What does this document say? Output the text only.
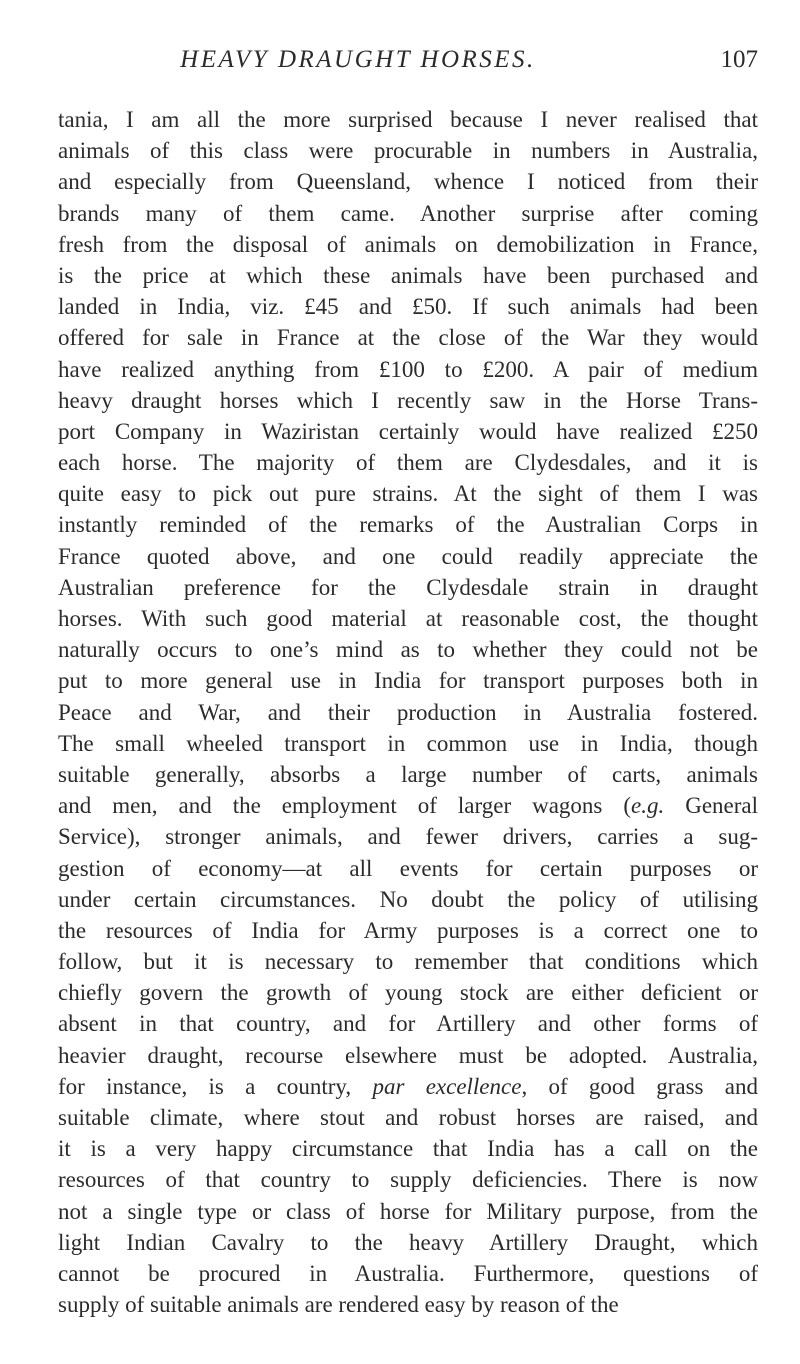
HEAVY DRAUGHT HORSES.	107
tania, I am all the more surprised because I never realised that
animals of this class were procurable in numbers in Australia,
and especially from Queensland, whence I noticed from their
brands many of them came. Another surprise after coming
fresh from the disposal of animals on demobilization in France,
is the price at which these animals have been purchased and
landed in India, viz. £45 and £50. If such animals had been
offered for sale in France at the close of the War they would
have realized anything from £100 to £200. A pair of medium
heavy draught horses which I recently saw in the Horse Trans-
port Company in Waziristan certainly would have realized £250
each horse. The majority of them are Clydesdales, and it is
quite easy to pick out pure strains. At the sight of them I was
instantly reminded of the remarks of the Australian Corps in
France quoted above, and one could readily appreciate the
Australian preference for the Clydesdale strain in draught
horses. With such good material at reasonable cost, the thought
naturally occurs to one’s mind as to whether they could not be
put to more general use in India for transport purposes both in
Peace and War, and their production in Australia fostered.
The small wheeled transport in common use in India, though
suitable generally, absorbs a large number of carts, animals
and men, and the employment of larger wagons (e.g. General
Service), stronger animals, and fewer drivers, carries a sug-
gestion of economy—at all events for certain purposes or
under certain circumstances. No doubt the policy of utilising
the resources of India for Army purposes is a correct one to
follow, but it is necessary to remember that conditions which
chiefly govern the growth of young stock are either deficient or
absent in that country, and for Artillery and other forms of
heavier draught, recourse elsewhere must be adopted. Australia,
for instance, is a country, par excellence, of good grass and
suitable climate, where stout and robust horses are raised, and
it is a very happy circumstance that India has a call on the
resources of that country to supply deficiencies. There is now
not a single type or class of horse for Military purpose, from the
light Indian Cavalry to the heavy Artillery Draught, which
cannot be procured in Australia. Furthermore, questions of
supply of suitable animals are rendered easy by reason of the
